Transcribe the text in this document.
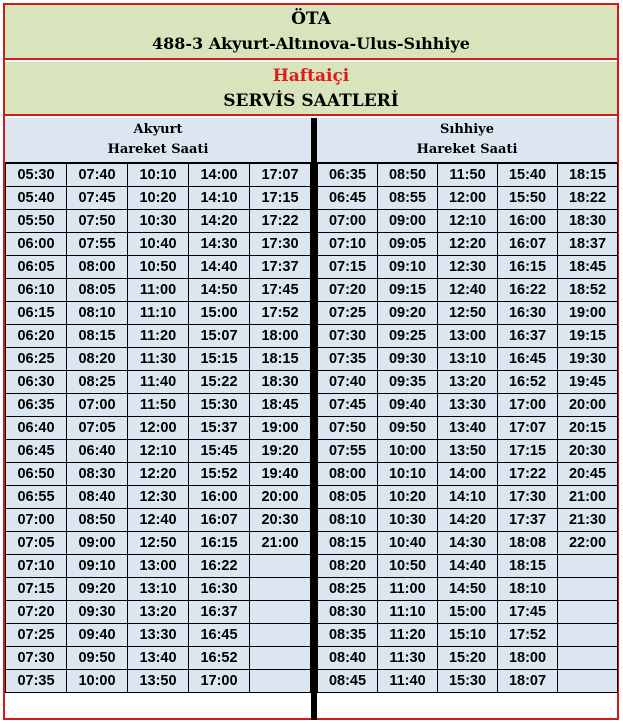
ÖTA
488-3 Akyurt-Altınova-Ulus-Sıhhiye
Haftaiçi
SERVİS SAATLERİ
Akyurt
Hareket Saati
Sıhhiye
Hareket Saati
05:30	07:40	10:10	14:00	17:07
05:40	07:45	10:20	14:10	17:15
05:50	07:50	10:30	14:20	17:22
06:00	07:55	10:40	14:30	17:30
06:05	08:00	10:50	14:40	17:37
06:10	08:05	11:00	14:50	17:45
06:15	08:10	11:10	15:00	17:52
06:20	08:15	11:20	15:07	18:00
06:25	08:20	11:30	15:15	18:15
06:30	08:25	11:40	15:22	18:30
06:35	07:00	11:50	15:30	18:45
06:40	07:05	12:00	15:37	19:00
06:45	06:40	12:10	15:45	19:20
06:50	08:30	12:20	15:52	19:40
06:55	08:40	12:30	16:00	20:00
07:00	08:50	12:40	16:07	20:30
07:05	09:00	12:50	16:15	21:00
07:10	09:10	13:00	16:22	
07:15	09:20	13:10	16:30	
07:20	09:30	13:20	16:37	
07:25	09:40	13:30	16:45	
07:30	09:50	13:40	16:52	
07:35	10:00	13:50	17:00	
06:35	08:50	11:50	15:40	18:15
06:45	08:55	12:00	15:50	18:22
07:00	09:00	12:10	16:00	18:30
07:10	09:05	12:20	16:07	18:37
07:15	09:10	12:30	16:15	18:45
07:20	09:15	12:40	16:22	18:52
07:25	09:20	12:50	16:30	19:00
07:30	09:25	13:00	16:37	19:15
07:35	09:30	13:10	16:45	19:30
07:40	09:35	13:20	16:52	19:45
07:45	09:40	13:30	17:00	20:00
07:50	09:50	13:40	17:07	20:15
07:55	10:00	13:50	17:15	20:30
08:00	10:10	14:00	17:22	20:45
08:05	10:20	14:10	17:30	21:00
08:10	10:30	14:20	17:37	21:30
08:15	10:40	14:30	18:08	22:00
08:20	10:50	14:40	18:15	
08:25	11:00	14:50	18:10	
08:30	11:10	15:00	17:45	
08:35	11:20	15:10	17:52	
08:40	11:30	15:20	18:00	
08:45	11:40	15:30	18:07	
